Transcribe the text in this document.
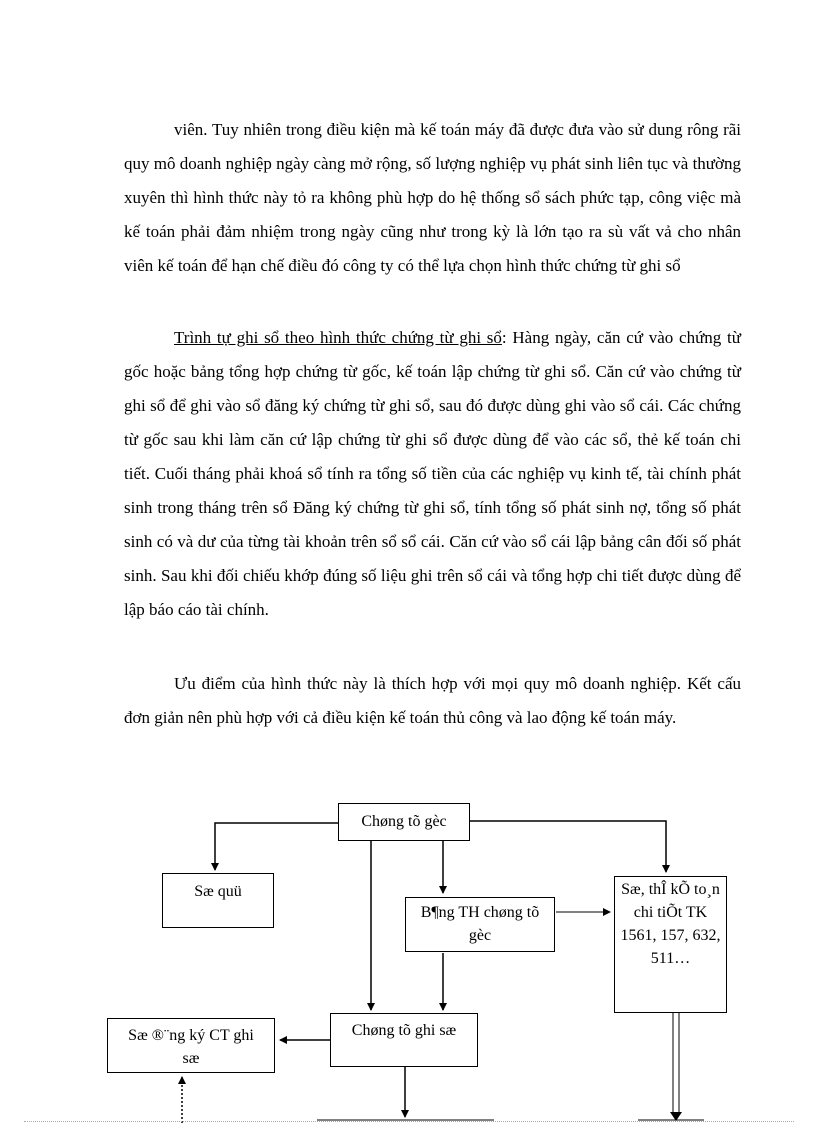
viên. Tuy nhiên trong điều kiện mà kế toán máy đã được đưa vào sử dung rông rãi quy mô doanh nghiệp ngày càng mở rộng, số lượng nghiệp vụ phát sinh liên tục và thường xuyên thì hình thức này tỏ ra không phù hợp do hệ thống sổ sách phức tạp, công việc mà kế toán phải đảm nhiệm trong ngày cũng như trong kỳ là lớn tạo ra sù vất vả cho nhân viên kế toán để hạn chế điều đó công ty có thể lựa chọn hình thức chứng từ ghi sổ

Trình tự ghi sổ theo hình thức chứng từ ghi sổ: Hàng ngày, căn cứ vào chứng từ gốc hoặc bảng tổng hợp chứng từ gốc, kế toán lập chứng từ ghi sổ. Căn cứ vào chứng từ ghi sổ để ghi vào sổ đăng ký chứng từ ghi sổ, sau đó được dùng ghi vào sổ cái. Các chứng từ gốc sau khi làm căn cứ lập chứng từ ghi sổ được dùng để vào các sổ, thẻ kế toán chi tiết. Cuối tháng phải khoá sổ tính ra tổng số tiền của các nghiệp vụ kinh tế, tài chính phát sinh trong tháng trên sổ Đăng ký chứng từ ghi sổ, tính tổng số phát sinh nợ, tổng số phát sinh có và dư của từng tài khoản trên sổ sổ cái. Căn cứ vào sổ cái lập bảng cân đối số phát sinh. Sau khi đối chiếu khớp đúng số liệu ghi trên sổ cái và tổng hợp chi tiết được dùng để lập báo cáo tài chính.

Ưu điểm của hình thức này là thích hợp với mọi quy mô doanh nghiệp. Kết cấu đơn giản nên phù hợp với cả điều kiện kế toán thủ công và lao động kế toán máy.

Chøng tõ gèc
Sæ quü
B¶ng TH chøng tõ gèc
Sæ, thÎ kÕ to¸n chi tiÕt TK 1561, 157, 632, 511…
Chøng tõ ghi sæ
Sæ ®¨ng ký CT ghi sæ
